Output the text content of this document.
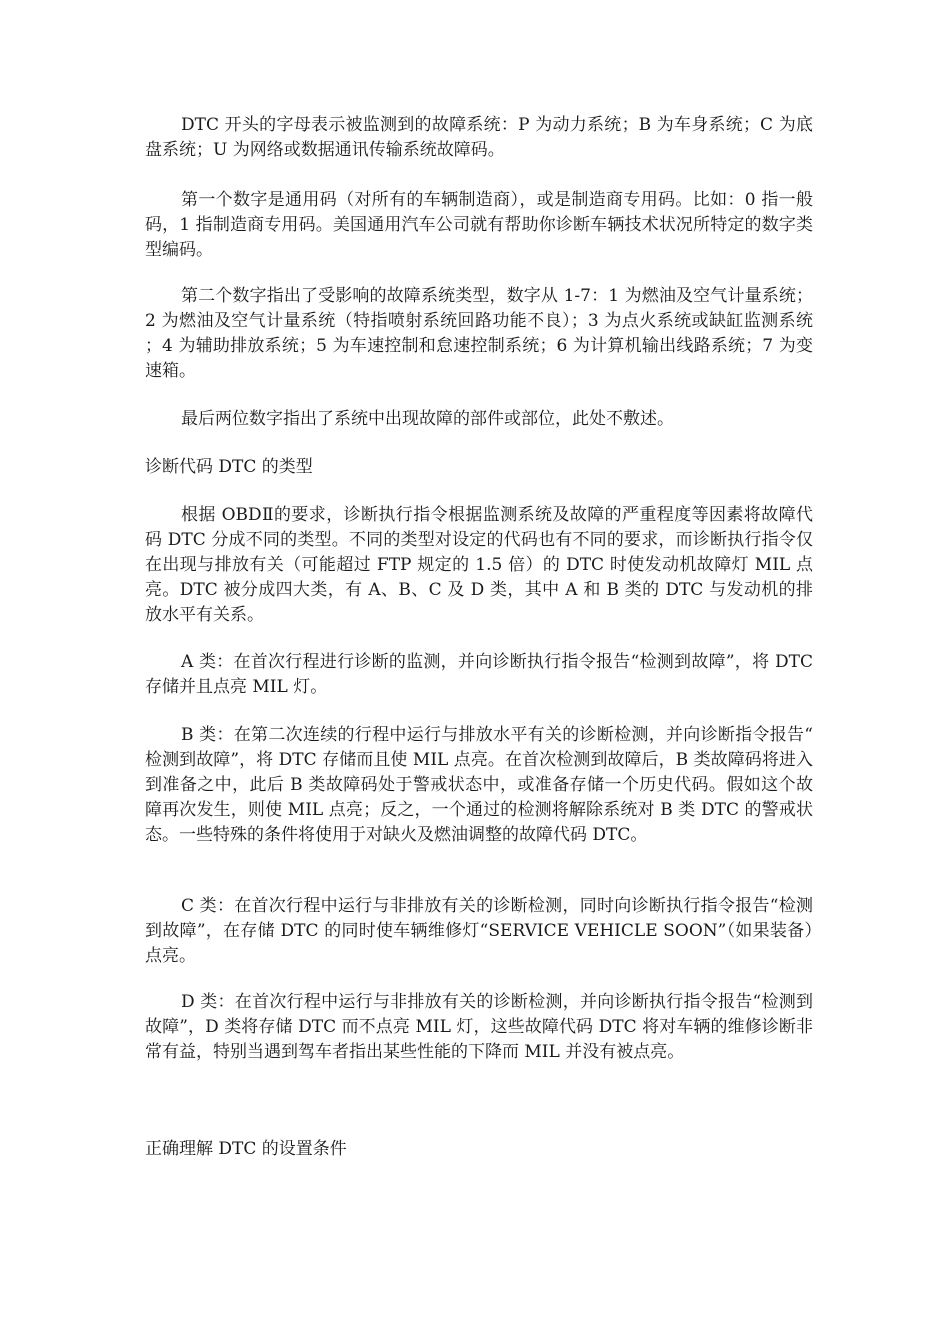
DTC 开头的字母表示被监测到的故障系统：P 为动力系统；B 为车身系统；C 为底盘系统；U 为网络或数据通讯传输系统故障码。

第一个数字是通用码（对所有的车辆制造商），或是制造商专用码。比如：0 指一般码，1 指制造商专用码。美国通用汽车公司就有帮助你诊断车辆技术状况所特定的数字类型编码。

第二个数字指出了受影响的故障系统类型，数字从 1-7：1 为燃油及空气计量系统；2 为燃油及空气计量系统（特指喷射系统回路功能不良）；3 为点火系统或缺缸监测系统；4 为辅助排放系统；5 为车速控制和怠速控制系统；6 为计算机输出线路系统；7 为变速箱。

最后两位数字指出了系统中出现故障的部件或部位，此处不敷述。

诊断代码 DTC 的类型

根据 OBDⅡ的要求，诊断执行指令根据监测系统及故障的严重程度等因素将故障代码 DTC 分成不同的类型。不同的类型对设定的代码也有不同的要求，而诊断执行指令仅在出现与排放有关（可能超过 FTP 规定的 1.5 倍）的 DTC 时使发动机故障灯 MIL 点亮。DTC 被分成四大类，有 A、B、C 及 D 类，其中 A 和 B 类的 DTC 与发动机的排放水平有关系。

A 类：在首次行程进行诊断的监测，并向诊断执行指令报告“检测到故障”，将 DTC 存储并且点亮 MIL 灯。

B 类：在第二次连续的行程中运行与排放水平有关的诊断检测，并向诊断指令报告“检测到故障”，将 DTC 存储而且使 MIL 点亮。在首次检测到故障后，B 类故障码将进入到准备之中，此后 B 类故障码处于警戒状态中，或准备存储一个历史代码。假如这个故障再次发生，则使 MIL 点亮；反之，一个通过的检测将解除系统对 B 类 DTC 的警戒状态。一些特殊的条件将使用于对缺火及燃油调整的故障代码 DTC。

C 类：在首次行程中运行与非排放有关的诊断检测，同时向诊断执行指令报告“检测到故障”，在存储 DTC 的同时使车辆维修灯“SERVICE VEHICLE SOON”（如果装备）点亮。

D 类：在首次行程中运行与非排放有关的诊断检测，并向诊断执行指令报告“检测到故障”，D 类将存储 DTC 而不点亮 MIL 灯，这些故障代码 DTC 将对车辆的维修诊断非常有益，特别当遇到驾车者指出某些性能的下降而 MIL 并没有被点亮。

正确理解 DTC 的设置条件
